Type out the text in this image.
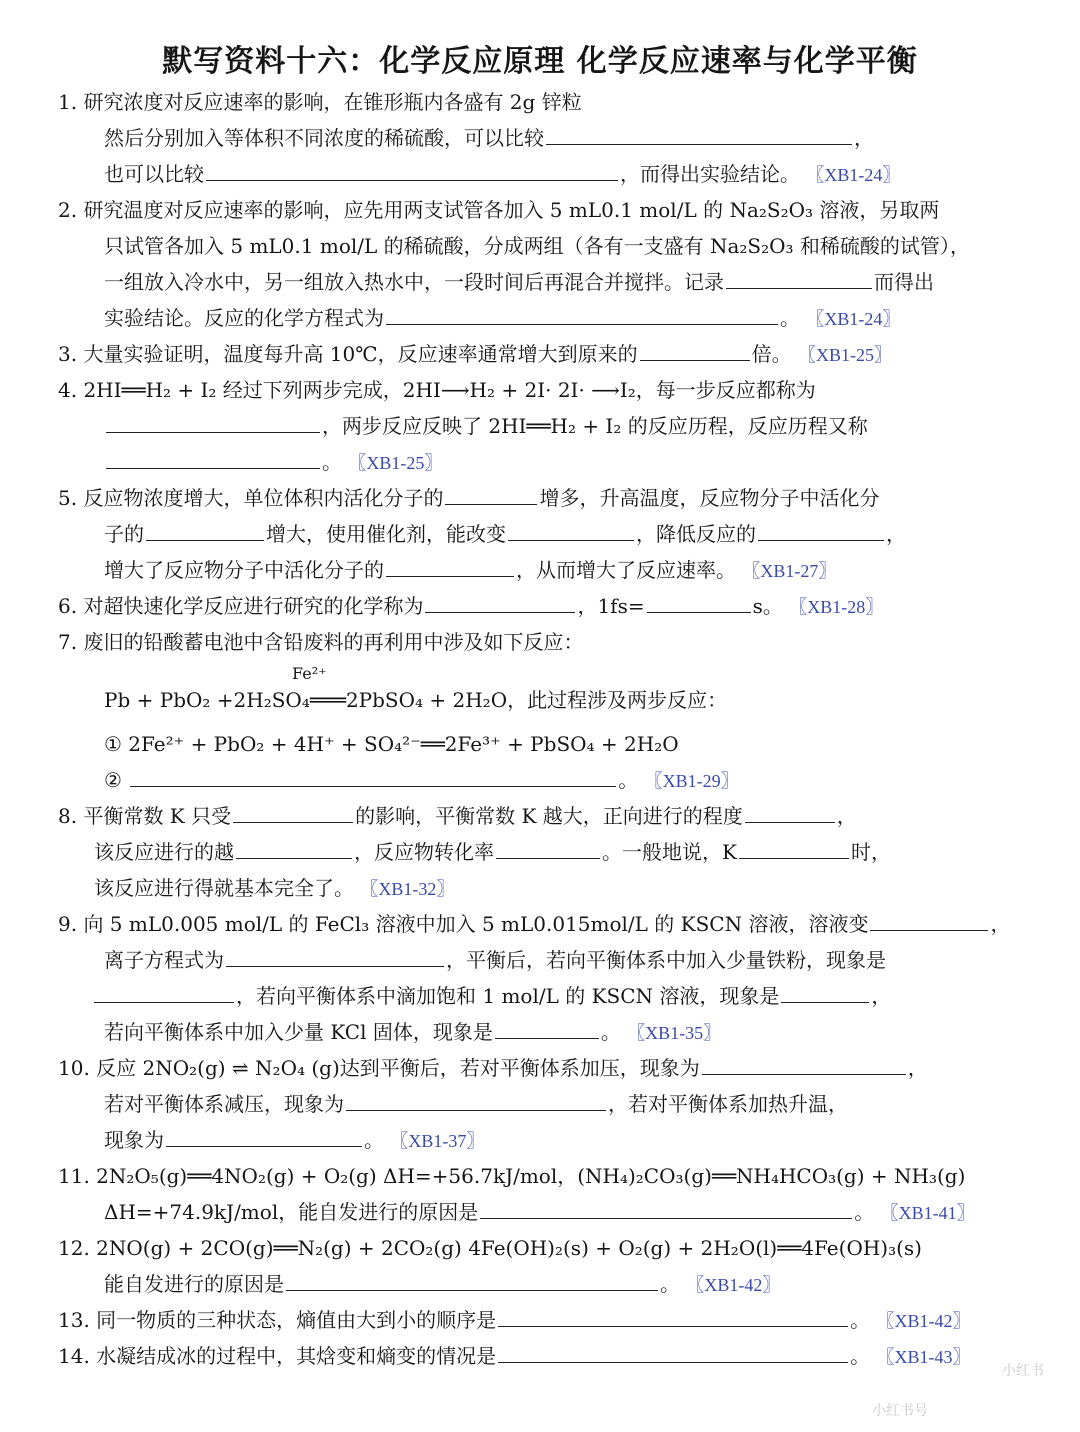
默写资料十六：化学反应原理 化学反应速率与化学平衡
1. 研究浓度对反应速率的影响，在锥形瓶内各盛有 2g 锌粒
然后分别加入等体积不同浓度的稀硫酸，可以比较	，
也可以比较	，而得出实验结论。 〖XB1-24〗
2. 研究温度对反应速率的影响，应先用两支试管各加入 5 mL0.1 mol/L 的 Na₂S₂O₃ 溶液，另取两
只试管各加入 5 mL0.1 mol/L 的稀硫酸，分成两组（各有一支盛有 Na₂S₂O₃ 和稀硫酸的试管），
一组放入冷水中，另一组放入热水中，一段时间后再混合并搅拌。记录	而得出
实验结论。反应的化学方程式为	。 〖XB1-24〗
3. 大量实验证明，温度每升高 10℃，反应速率通常增大到原来的	倍。 〖XB1-25〗
4. 2HI══H₂ + I₂ 经过下列两步完成，2HI⟶H₂ + 2I· 2I· ⟶I₂，每一步反应都称为
，两步反应反映了 2HI══H₂ + I₂ 的反应历程，反应历程又称
。 〖XB1-25〗
5. 反应物浓度增大，单位体积内活化分子的	增多，升高温度，反应物分子中活化分
子的	增大，使用催化剂，能改变	，降低反应的	，
增大了反应物分子中活化分子的	，从而增大了反应速率。 〖XB1-27〗
6. 对超快速化学反应进行研究的化学称为	，1fs=	s。 〖XB1-28〗
7. 废旧的铅酸蓄电池中含铅废料的再利用中涉及如下反应：
Fe²⁺
Pb + PbO₂ +2H₂SO₄═══2PbSO₄ + 2H₂O，此过程涉及两步反应：
① 2Fe²⁺ + PbO₂ + 4H⁺ + SO₄²⁻══2Fe³⁺ + PbSO₄ + 2H₂O
②	。 〖XB1-29〗
8. 平衡常数 K 只受	的影响，平衡常数 K 越大，正向进行的程度	，
该反应进行的越	，反应物转化率	。一般地说，K	时，
该反应进行得就基本完全了。 〖XB1-32〗
9. 向 5 mL0.005 mol/L 的 FeCl₃ 溶液中加入 5 mL0.015mol/L 的 KSCN 溶液，溶液变	，
离子方程式为	，平衡后，若向平衡体系中加入少量铁粉，现象是
，若向平衡体系中滴加饱和 1 mol/L 的 KSCN 溶液，现象是	，
若向平衡体系中加入少量 KCl 固体，现象是	。 〖XB1-35〗
10. 反应 2NO₂(g) ⇌ N₂O₄ (g)达到平衡后，若对平衡体系加压，现象为	，
若对平衡体系减压，现象为	，若对平衡体系加热升温，
现象为	。 〖XB1-37〗
11. 2N₂O₅(g)══4NO₂(g) + O₂(g) ΔH=+56.7kJ/mol，(NH₄)₂CO₃(g)══NH₄HCO₃(g) + NH₃(g)
ΔH=+74.9kJ/mol，能自发进行的原因是	。 〖XB1-41〗
12. 2NO(g) + 2CO(g)══N₂(g) + 2CO₂(g) 4Fe(OH)₂(s) + O₂(g) + 2H₂O(l)══4Fe(OH)₃(s)
能自发进行的原因是	。 〖XB1-42〗
13. 同一物质的三种状态，熵值由大到小的顺序是	。 〖XB1-42〗
14. 水凝结成冰的过程中，其焓变和熵变的情况是	。 〖XB1-43〗
小红书
小红书号
